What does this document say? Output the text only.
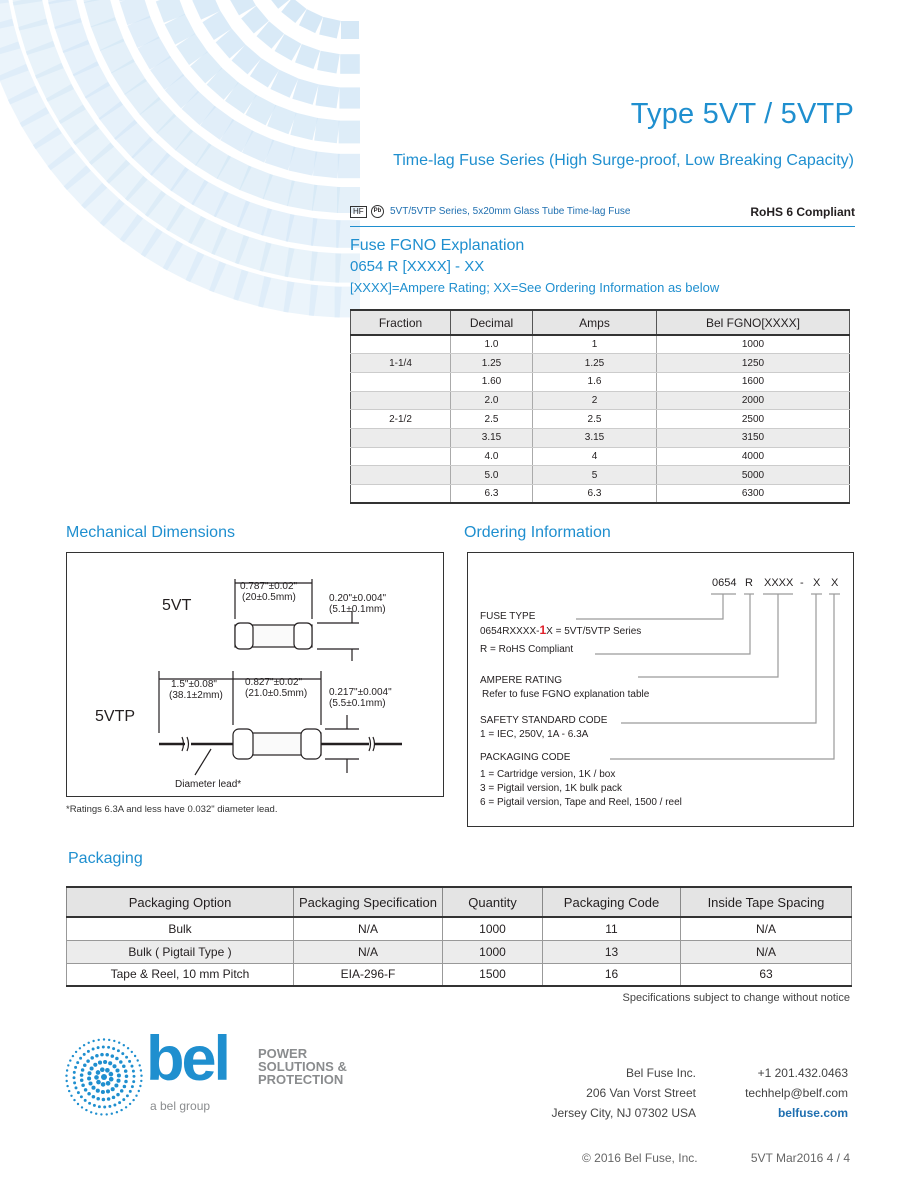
Type 5VT / 5VTP
Time-lag Fuse Series (High Surge-proof, Low Breaking Capacity)
HF	Pb 5VT/5VTP Series, 5x20mm Glass Tube Time-lag Fuse	RoHS 6 Compliant
Fuse FGNO Explanation
0654 R [XXXX] - XX
[XXXX]=Ampere Rating; XX=See Ordering Information as below
Fraction	Decimal	Amps	Bel FGNO[XXXX]
	1.0	1	1000
1-1/4	1.25	1.25	1250
	1.60	1.6	1600
	2.0	2	2000
2-1/2	2.5	2.5	2500
	3.15	3.15	3150
	4.0	4	4000
	5.0	5	5000
	6.3	6.3	6300
Mechanical Dimensions	Ordering Information
5VT
5VTP
0.787"±0.02"
(20±0.5mm)	0.20"±0.004"
(5.1±0.1mm)
1.5"±0.08"
(38.1±2mm)
0.827"±0.02"
(21.0±0.5mm) 0.217"±0.004"
(5.5±0.1mm)
Diameter lead*
*Ratings 6.3A and less have 0.032" diameter lead.
0654 R XXXX - X X
FUSE TYPE
0654RXXXX-1X = 5VT/5VTP Series
R = RoHS Compliant
AMPERE RATING
Refer to fuse FGNO explanation table
SAFETY STANDARD CODE
1 = IEC, 250V, 1A - 6.3A
PACKAGING CODE
1 = Cartridge version, 1K / box
3 = Pigtail version, 1K bulk pack
6 = Pigtail version, Tape and Reel, 1500 / reel
Packaging
Packaging Option	Packaging Specification	Quantity	Packaging Code	Inside Tape Spacing
Bulk	N/A	1000	11	N/A
Bulk ( Pigtail Type )	N/A	1000	13	N/A
Tape & Reel, 10 mm Pitch	EIA-296-F	1500	16	63
Specifications subject to change without notice
bel POWER
SOLUTIONS &
PROTECTION
a bel group
Bel Fuse Inc.
206 Van Vorst Street
Jersey City, NJ 07302 USA
+1 201.432.0463
techhelp@belf.com
belfuse.com
© 2016 Bel Fuse, Inc.	5VT Mar2016 4 / 4
